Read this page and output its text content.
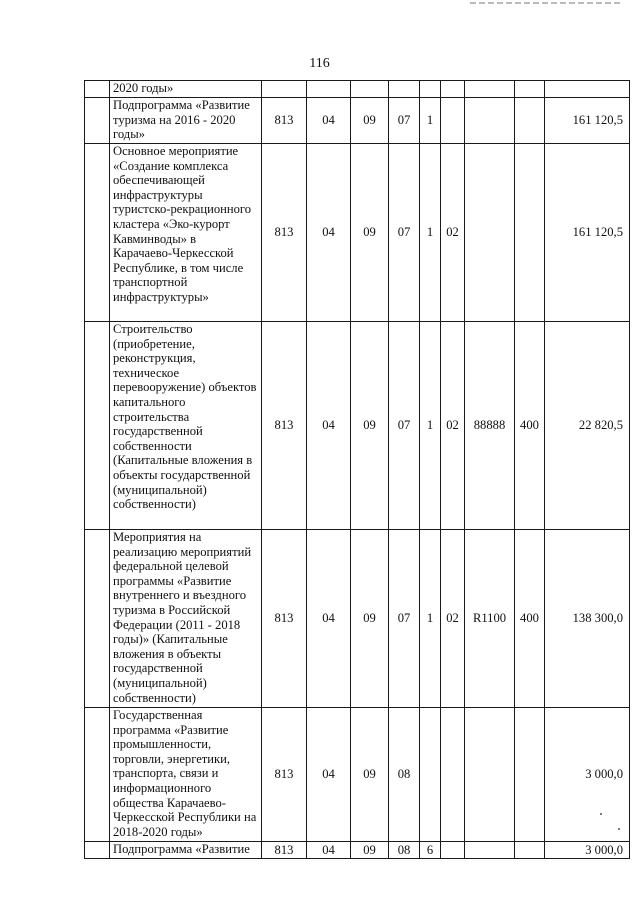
116
	2020 годы»									
	Подпрограмма «Развитие туризма на 2016 - 2020 годы»	813	04	09	07	1				161 120,5
	Основное мероприятие «Создание комплекса обеспечивающей инфраструктуры туристско-рекрационного кластера «Эко-курорт Кавминводы» в Карачаево-Черкесской Республике, в том числе транспортной инфраструктуры»	813	04	09	07	1	02			161 120,5
	Строительство (приобретение, реконструкция, техническое перевооружение) объектов капитального строительства государственной собственности (Капитальные вложения в объекты государственной (муниципальной) собственности)	813	04	09	07	1	02	88888	400	22 820,5
	Мероприятия на реализацию мероприятий федеральной целевой программы «Развитие внутреннего и въездного туризма в Российской Федерации (2011 - 2018 годы)» (Капитальные вложения в объекты государственной (муниципальной) собственности)	813	04	09	07	1	02	R1100	400	138 300,0
	Государственная программа «Развитие промышленности, торговли, энергетики, транспорта, связи и информационного общества Карачаево-Черкесской Республики на 2018-2020 годы»	813	04	09	08					3 000,0
	Подпрограмма «Развитие	813	04	09	08	6				3 000,0
